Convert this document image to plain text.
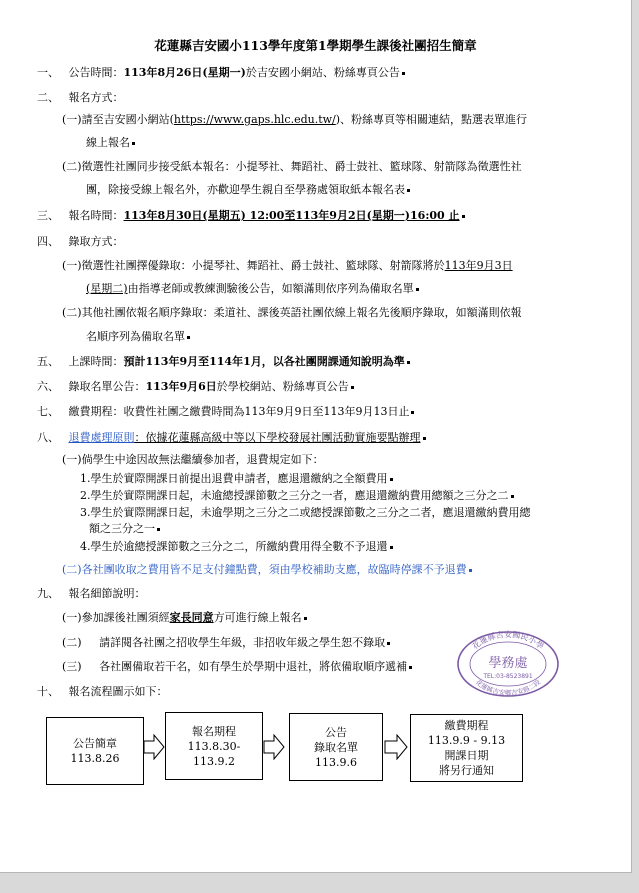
花蓮縣吉安國小113學年度第1學期學生課後社團招生簡章
一、 公告時間：113年8月26日(星期一)於吉安國小網站、粉絲專頁公告
二、 報名方式：
(一)請至吉安國小網站(https://www.gaps.hlc.edu.tw/)、粉絲專頁等相關連結，點選表單進行
線上報名
(二)徵選性社團同步接受紙本報名：小提琴社、舞蹈社、爵士鼓社、籃球隊、射箭隊為徵選性社
團，除接受線上報名外，亦歡迎學生親自至學務處領取紙本報名表
三、 報名時間：113年8月30日(星期五) 12:00至113年9月2日(星期一)16:00 止
四、 錄取方式：
(一)徵選性社團擇優錄取：小提琴社、舞蹈社、爵士鼓社、籃球隊、射箭隊將於113年9月3日
(星期二)由指導老師或教練測驗後公告，如額滿則依序列為備取名單
(二)其他社團依報名順序錄取：柔道社、課後英語社團依線上報名先後順序錄取，如額滿則依報
名順序列為備取名單
五、 上課時間：預計113年9月至114年1月，以各社團開課通知說明為準
六、 錄取名單公告：113年9月6日於學校網站、粉絲專頁公告
七、 繳費期程：收費性社團之繳費時間為113年9月9日至113年9月13日止
八、 退費處理原則：依據花蓮縣高級中等以下學校發展社團活動實施要點辦理
(一)倘學生中途因故無法繼續參加者，退費規定如下：
1.學生於實際開課日前提出退費申請者，應退還繳納之全額費用
2.學生於實際開課日起，未逾總授課節數之三分之一者，應退還繳納費用總額之三分之二
3.學生於實際開課日起，未逾學期之三分之二或總授課節數之三分之二者，應退還繳納費用總
額之三分之一
4.學生於逾總授課節數之三分之二，所繳納費用得全數不予退還
(二)各社團收取之費用皆不足支付鐘點費，須由學校補助支應，故臨時停課不予退費
九、 報名細節說明：
(一)參加課後社團須經家長同意方可進行線上報名
(二) 請詳閱各社團之招收學生年級，非招收年級之學生恕不錄取
(三) 各社團備取若干名，如有學生於學期中退社，將依備取順序遞補
十、 報名流程圖示如下：
公告簡章
113.8.26
報名期程
113.8.30-
113.9.2
公告
錄取名單
113.9.6
繳費期程
113.9.9 - 9.13
開課日期
將另行通知
花蓮縣吉安國民小學
學務處
TEL:03-8523891
花蓮縣吉安鄉吉安路二段
